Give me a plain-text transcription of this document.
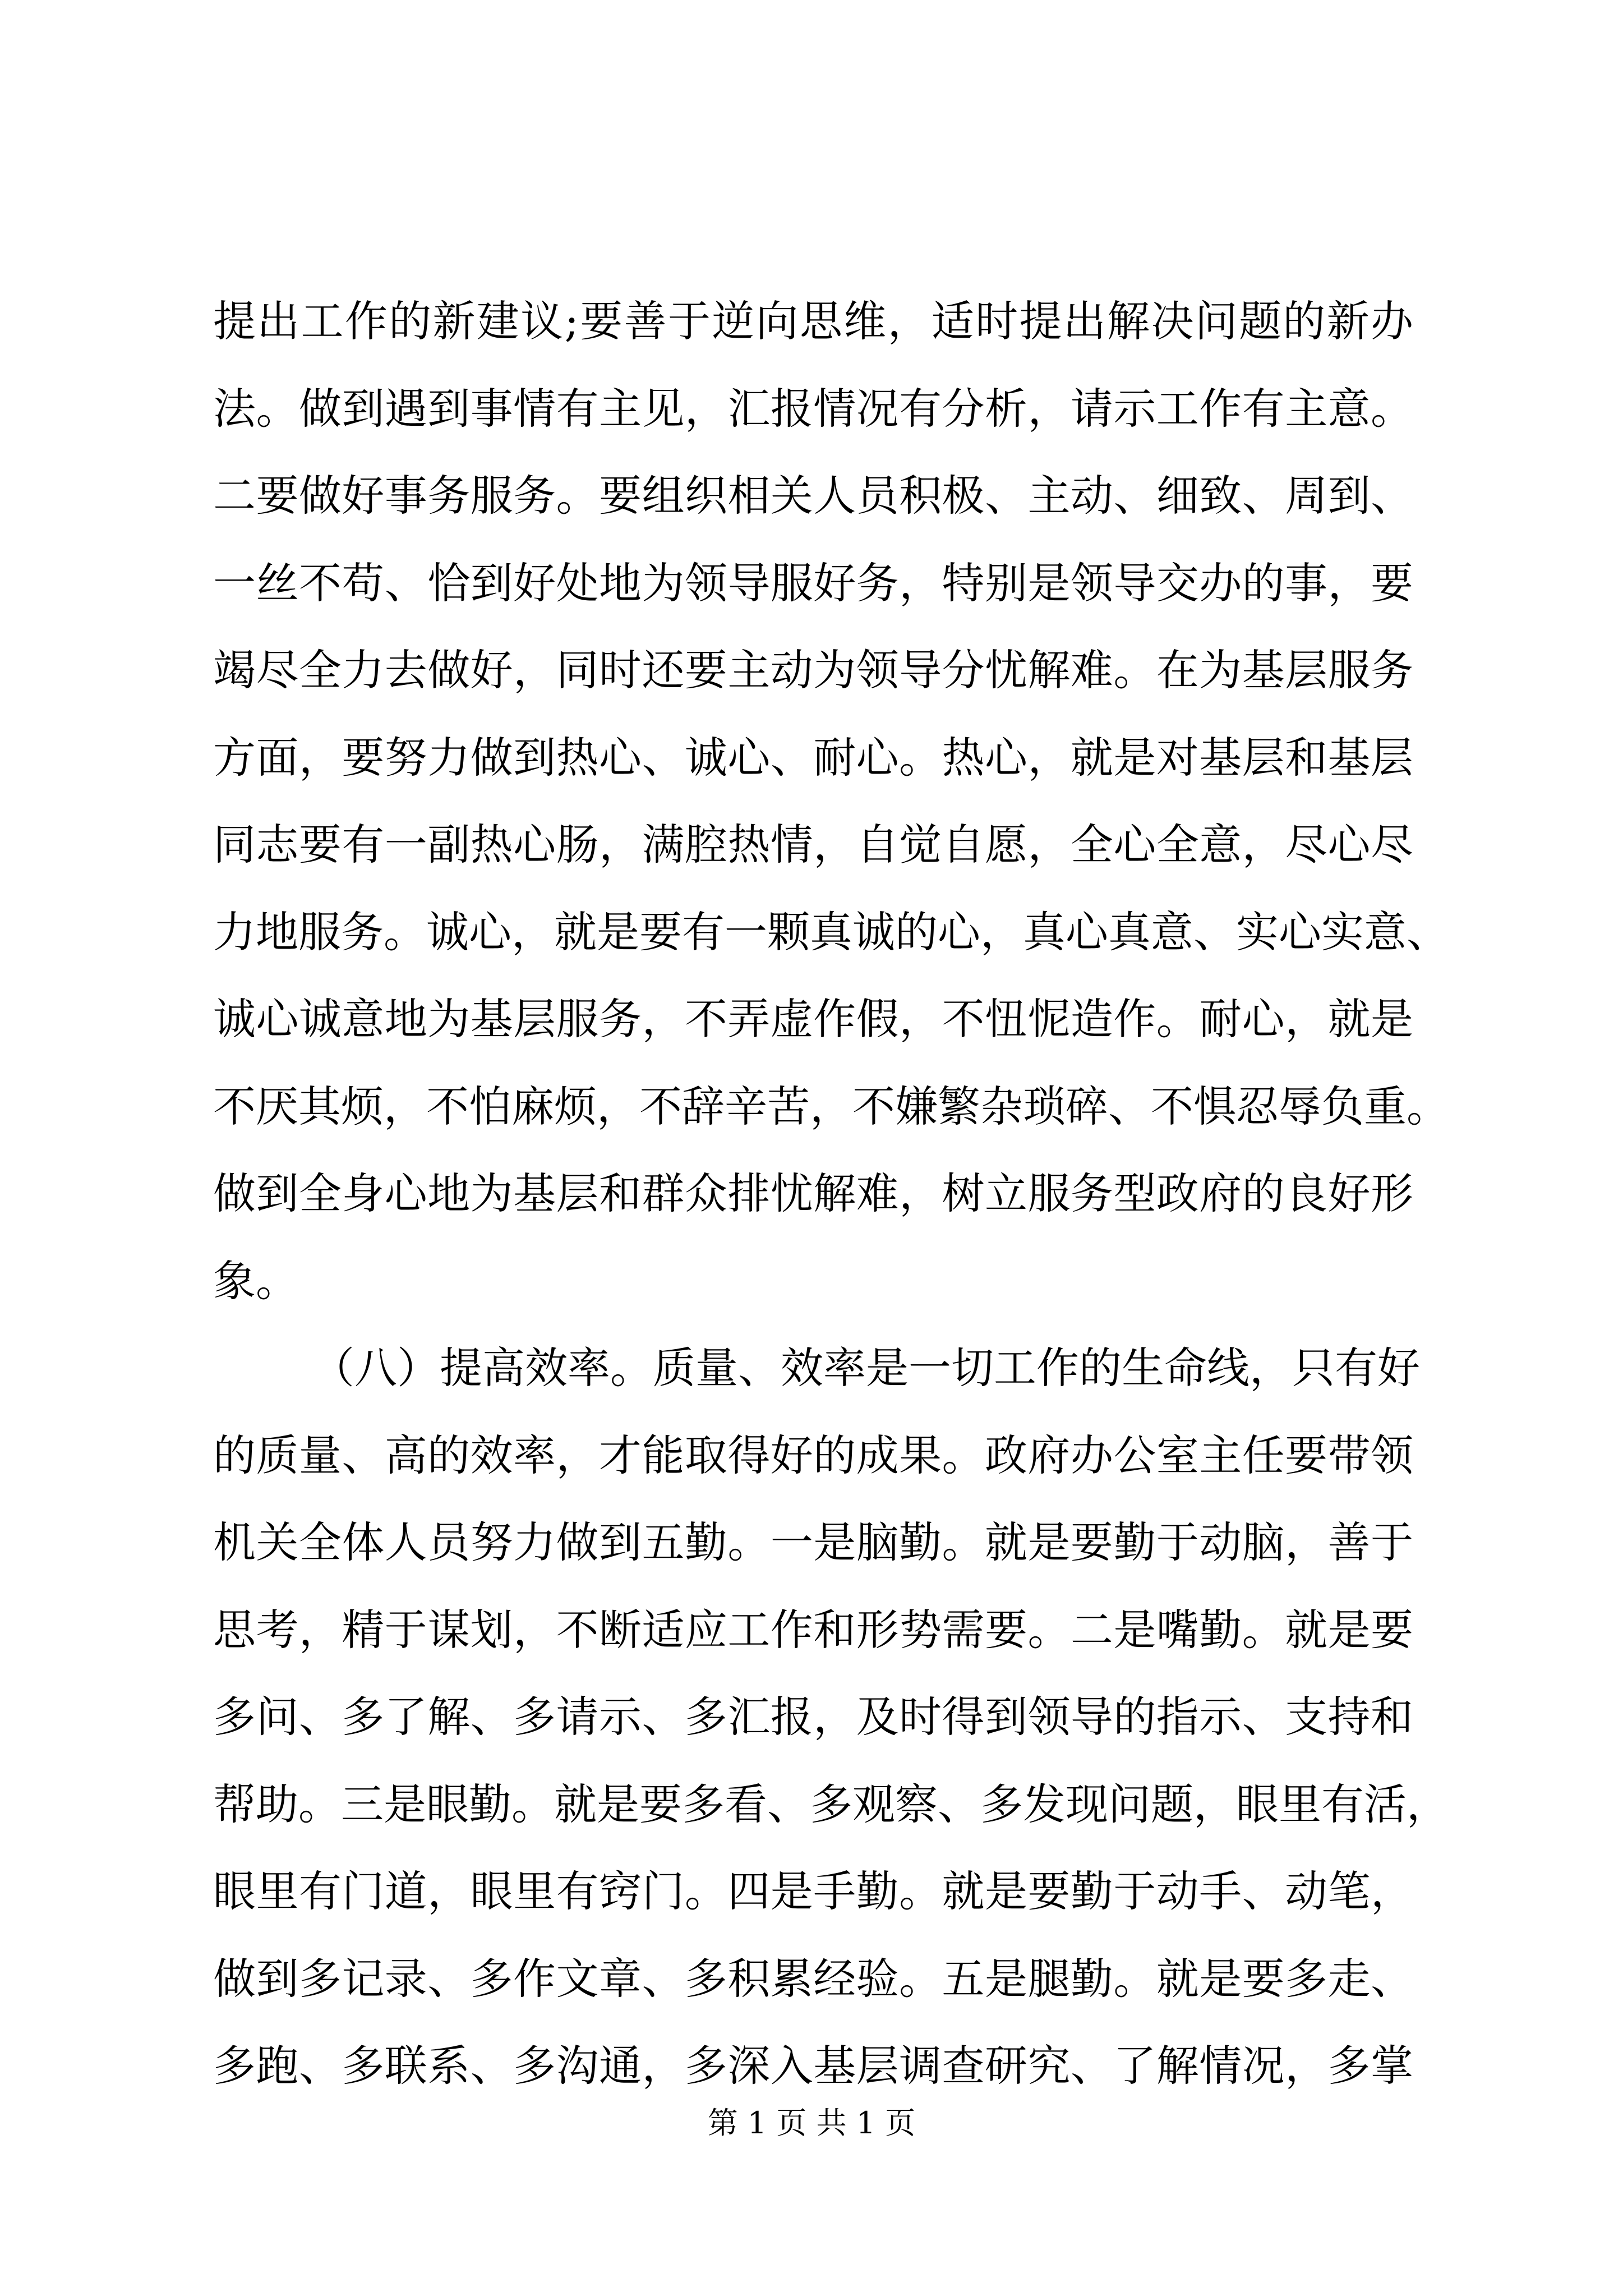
提出工作的新建议;要善于逆向思维，适时提出解决问题的新办
法。做到遇到事情有主见，汇报情况有分析，请示工作有主意。
二要做好事务服务。要组织相关人员积极、主动、细致、周到、
一丝不苟、恰到好处地为领导服好务，特别是领导交办的事，要
竭尽全力去做好，同时还要主动为领导分忧解难。在为基层服务
方面，要努力做到热心、诚心、耐心。热心，就是对基层和基层
同志要有一副热心肠，满腔热情，自觉自愿，全心全意，尽心尽
力地服务。诚心，就是要有一颗真诚的心，真心真意、实心实意、
诚心诚意地为基层服务，不弄虚作假，不忸怩造作。耐心，就是
不厌其烦，不怕麻烦，不辞辛苦，不嫌繁杂琐碎、不惧忍辱负重。
做到全身心地为基层和群众排忧解难，树立服务型政府的良好形
象。
（八）提高效率。质量、效率是一切工作的生命线，只有好
的质量、高的效率，才能取得好的成果。政府办公室主任要带领
机关全体人员努力做到五勤。一是脑勤。就是要勤于动脑，善于
思考，精于谋划，不断适应工作和形势需要。二是嘴勤。就是要
多问、多了解、多请示、多汇报，及时得到领导的指示、支持和
帮助。三是眼勤。就是要多看、多观察、多发现问题，眼里有活，
眼里有门道，眼里有窍门。四是手勤。就是要勤于动手、动笔，
做到多记录、多作文章、多积累经验。五是腿勤。就是要多走、
多跑、多联系、多沟通，多深入基层调查研究、了解情况，多掌
第 1 页 共 1 页
